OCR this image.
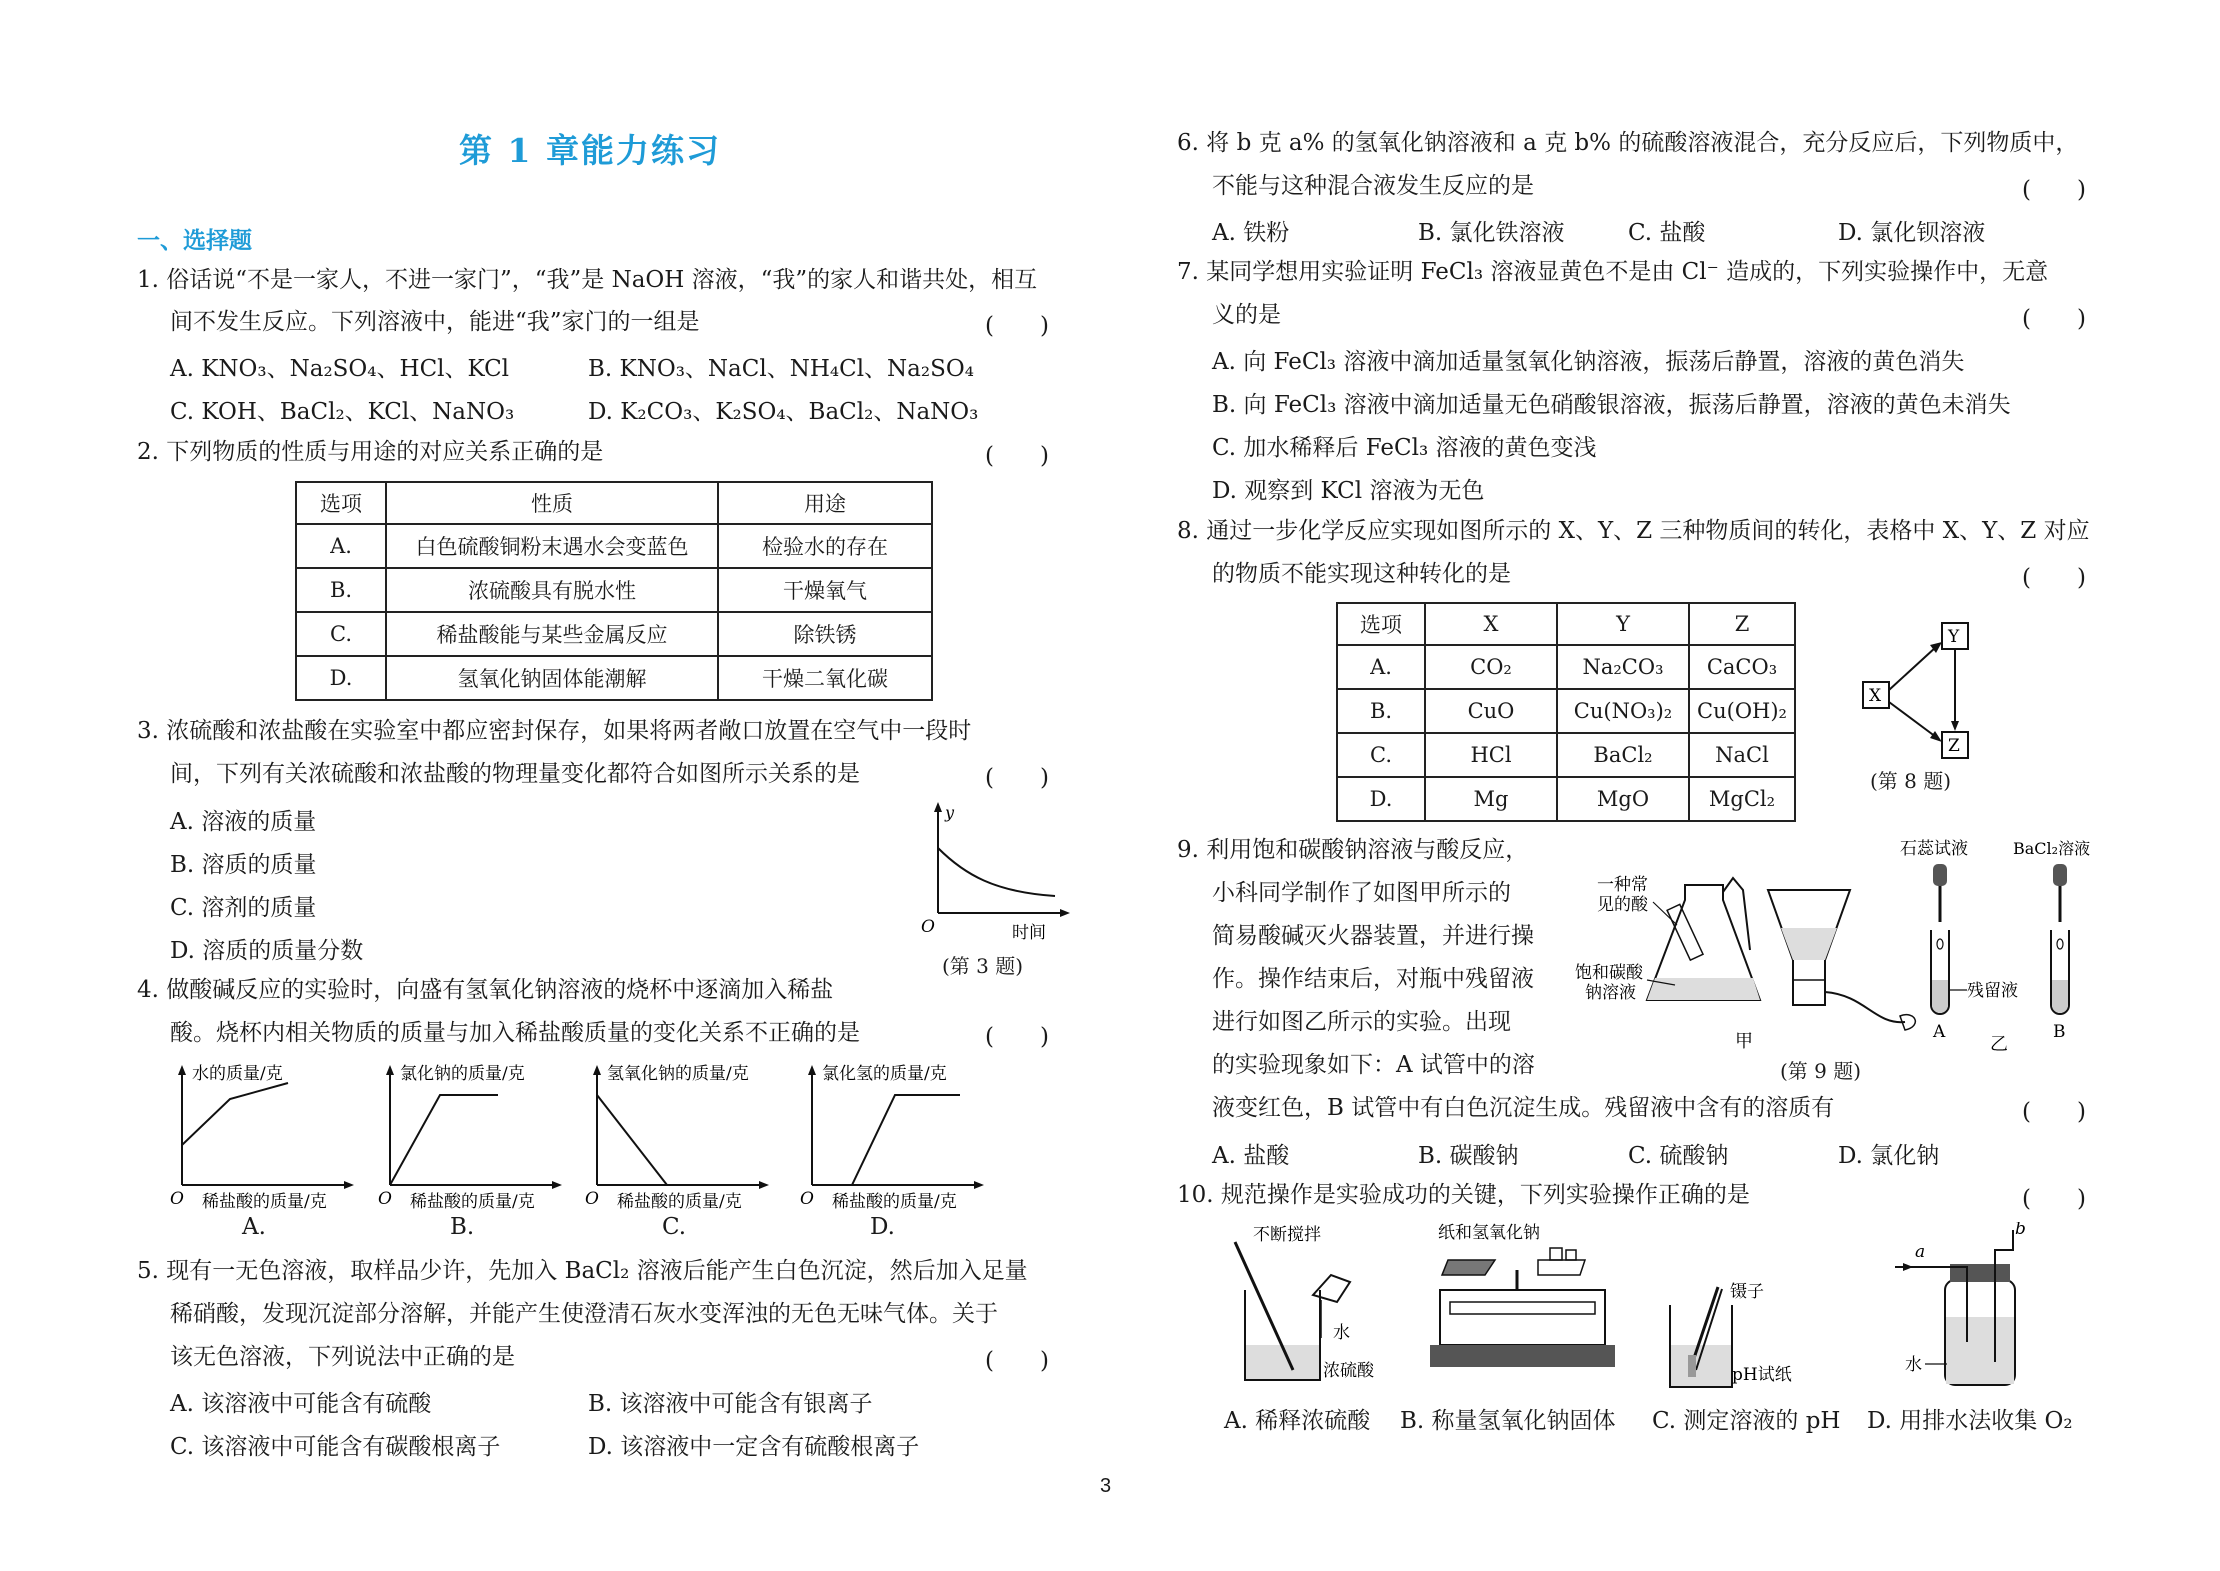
第 1 章能力练习
一、选择题
1. 俗话说“不是一家人，不进一家门”，“我”是 NaOH 溶液，“我”的家人和谐共处，相互
间不发生反应。下列溶液中，能进“我”家门的一组是	(　　)
A. KNO₃、Na₂SO₄、HCl、KCl	B. KNO₃、NaCl、NH₄Cl、Na₂SO₄
C. KOH、BaCl₂、KCl、NaNO₃	D. K₂CO₃、K₂SO₄、BaCl₂、NaNO₃
2. 下列物质的性质与用途的对应关系正确的是	(　　)
选项	性质	用途
A.	白色硫酸铜粉末遇水会变蓝色	检验水的存在
B.	浓硫酸具有脱水性	干燥氧气
C.	稀盐酸能与某些金属反应	除铁锈
D.	氢氧化钠固体能潮解	干燥二氧化碳
3. 浓硫酸和浓盐酸在实验室中都应密封保存，如果将两者敞口放置在空气中一段时
间，下列有关浓硫酸和浓盐酸的物理量变化都符合如图所示关系的是	(　　)
A. 溶液的质量
B. 溶质的质量
C. 溶剂的质量
D. 溶质的质量分数
y
O	时间
(第 3 题)
4. 做酸碱反应的实验时，向盛有氢氧化钠溶液的烧杯中逐滴加入稀盐
酸。烧杯内相关物质的质量与加入稀盐酸质量的变化关系不正确的是	(　　)
水的质量/克
O 稀盐酸的质量/克
氯化钠的质量/克
O 稀盐酸的质量/克
氢氧化钠的质量/克
O 稀盐酸的质量/克
氯化氢的质量/克
O 稀盐酸的质量/克
A.	B.	C.	D.
5. 现有一无色溶液，取样品少许，先加入 BaCl₂ 溶液后能产生白色沉淀，然后加入足量
稀硝酸，发现沉淀部分溶解，并能产生使澄清石灰水变浑浊的无色无味气体。关于
该无色溶液，下列说法中正确的是	(　　)
A. 该溶液中可能含有硫酸	B. 该溶液中可能含有银离子
C. 该溶液中可能含有碳酸根离子	D. 该溶液中一定含有硫酸根离子
6. 将 b 克 a% 的氢氧化钠溶液和 a 克 b% 的硫酸溶液混合，充分反应后，下列物质中，
不能与这种混合液发生反应的是	(　　)
A. 铁粉	B. 氯化铁溶液	C. 盐酸	D. 氯化钡溶液
7. 某同学想用实验证明 FeCl₃ 溶液显黄色不是由 Cl⁻ 造成的，下列实验操作中，无意
义的是	(　　)
A. 向 FeCl₃ 溶液中滴加适量氢氧化钠溶液，振荡后静置，溶液的黄色消失
B. 向 FeCl₃ 溶液中滴加适量无色硝酸银溶液，振荡后静置，溶液的黄色未消失
C. 加水稀释后 FeCl₃ 溶液的黄色变浅
D. 观察到 KCl 溶液为无色
8. 通过一步化学反应实现如图所示的 X、Y、Z 三种物质间的转化，表格中 X、Y、Z 对应
的物质不能实现这种转化的是	(　　)
选项	X	Y	Z
A.	CO₂	Na₂CO₃	CaCO₃
B.	CuO	Cu(NO₃)₂	Cu(OH)₂
C.	HCl	BaCl₂	NaCl
D.	Mg	MgO	MgCl₂
X
Y
Z
(第 8 题)
9. 利用饱和碳酸钠溶液与酸反应，
小科同学制作了如图甲所示的
简易酸碱灭火器装置，并进行操
作。操作结束后，对瓶中残留液
进行如图乙所示的实验。出现
的实验现象如下：A 试管中的溶
液变红色，B 试管中有白色沉淀生成。残留液中含有的溶质有	(　　)
A. 盐酸	B. 碳酸钠	C. 硫酸钠	D. 氯化钠
一种常
见的酸
饱和碳酸
钠溶液
甲
石蕊试液	BaCl₂溶液
残留液
A	B
乙
(第 9 题)
10. 规范操作是实验成功的关键，下列实验操作正确的是	(　　)
不断搅拌
水
浓硫酸
纸和氢氧化钠
镊子
pH试纸
a
b
水
A. 稀释浓硫酸 B. 称量氢氧化钠固体 C. 测定溶液的 pH D. 用排水法收集 O₂
3
